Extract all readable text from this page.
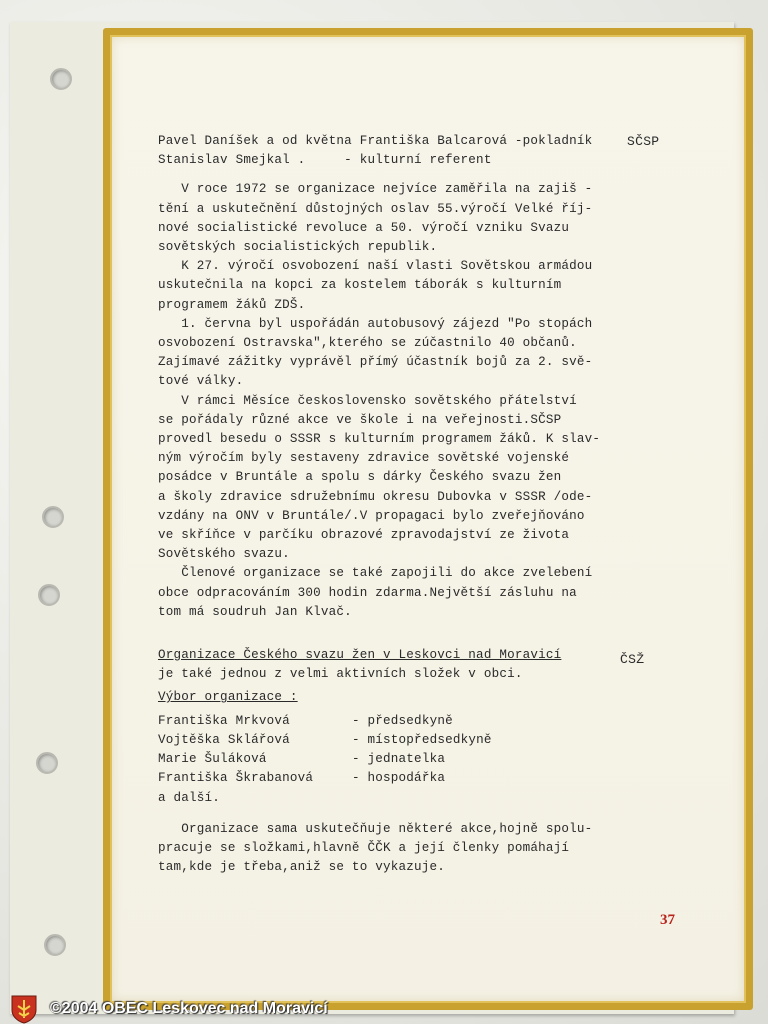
Pavel Daníšek a od května Františka Balcarová -pokladník
Stanislav Smejkal .     - kulturní referent
V roce 1972 se organizace nejvíce zaměřila na zajiš -
tění a uskutečnění důstojných oslav 55.výročí Velké říj-
nové socialistické revoluce a 50. výročí vzniku Svazu
sovětských socialistických republik.
K 27. výročí osvobození naší vlasti Sovětskou armádou
uskutečnila na kopci za kostelem táborák s kulturním
programem žáků ZDŠ.
1. června byl uspořádán autobusový zájezd "Po stopách
osvobození Ostravska",kterého se zúčastnilo 40 občanů.
Zajímavé zážitky vyprávěl přímý účastník bojů za 2. svě-
tové války.
V rámci Měsíce československo sovětského přátelství
se pořádaly různé akce ve škole i na veřejnosti.SČSP
provedl besedu o SSSR s kulturním programem žáků. K slav-
ným výročím byly sestaveny zdravice sovětské vojenské
posádce v Bruntále a spolu s dárky Českého svazu žen
a školy zdravice sdružebnímu okresu Dubovka v SSSR /ode-
vzdány na ONV v Bruntále/.V propagaci bylo zveřejňováno
ve skříňce v parčíku obrazové zpravodajství ze života
Sovětského svazu.
Členové organizace se také zapojili do akce zvelebení
obce odpracováním 300 hodin zdarma.Největší zásluhu na
tom má soudruh Jan Klvač.
Organizace Českého svazu žen v Leskovci nad Moravicí
je také jednou z velmi aktivních složek v obci.
Výbor organizace :
Františka Mrkvová	- předsedkyně
Vojtěška Sklářová	- místopředsedkyně
Marie Šuláková	- jednatelka
Františka Škrabanová	- hospodářka
a další.
Organizace sama uskutečňuje některé akce,hojně spolu-
pracuje se složkami,hlavně ČČK a její členky pomáhají
tam,kde je třeba,aniž se to vykazuje.
SČSP
ČSŽ
37
©2004 OBEC Leskovec nad Moravicí
